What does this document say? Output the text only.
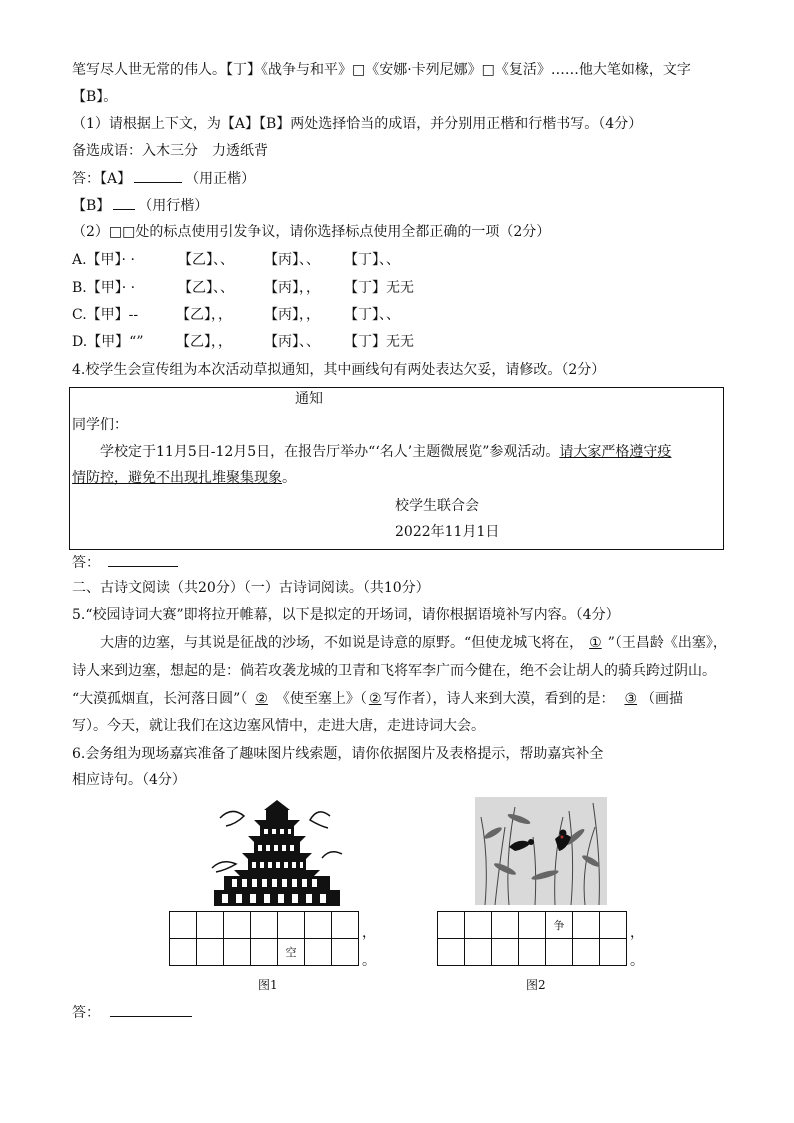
笔写尽人世无常的伟人。【丁】《战争与和平》□《安娜·卡列尼娜》□《复活》……他大笔如椽，文字
【B】。
（1）请根据上下文，为【A】【B】两处选择恰当的成语，并分别用正楷和行楷书写。（4分）
备选成语：入木三分　力透纸背
答：【A】	（用正楷）
【B】 （用行楷）
（2）□□处的标点使用引发争议，请你选择标点使用全都正确的一项（2分）
A.【甲】· ·	【乙】、、 【丙】、、 【丁】、、
B.【甲】· ·	【乙】、、 【丙】，， 【丁】无无
C.【甲】--	【乙】，， 【丙】，， 【丁】、、
D.【甲】“” 【乙】，， 【丙】、、 【丁】无无
4.校学生会宣传组为本次活动草拟通知，其中画线句有两处表达欠妥，请修改。（2分）
通知
同学们：
学校定于11月5日-12月5日，在报告厅举办“‘名人’主题微展览”参观活动。请大家严格遵守疫
情防控，避免不出现扎堆聚集现象。
校学生联合会
2022年11月1日
答：
二、古诗文阅读（共20分）（一）古诗词阅读。（共10分）
5.“校园诗词大赛”即将拉开帷幕，以下是拟定的开场词，请你根据语境补写内容。（4分）
大唐的边塞，与其说是征战的沙场，不如说是诗意的原野。“但使龙城飞将在， ① ”（王昌龄《出塞》，
诗人来到边塞，想起的是：倘若攻袭龙城的卫青和飞将军李广而今健在，绝不会让胡人的骑兵跨过阴山。
“大漠孤烟直，长河落日圆”（ ② 《使至塞上》（ ② 写作者），诗人来到大漠，看到的是： ③ （画描
写）。今天，就让我们在这边塞风情中，走进大唐，走进诗词大会。
6.会务组为现场嘉宾准备了趣味图片线索题，请你依据图片及表格提示，帮助嘉宾补全
相应诗句。（4分）
空
，
。
图1
争	，
。
图2
答：
